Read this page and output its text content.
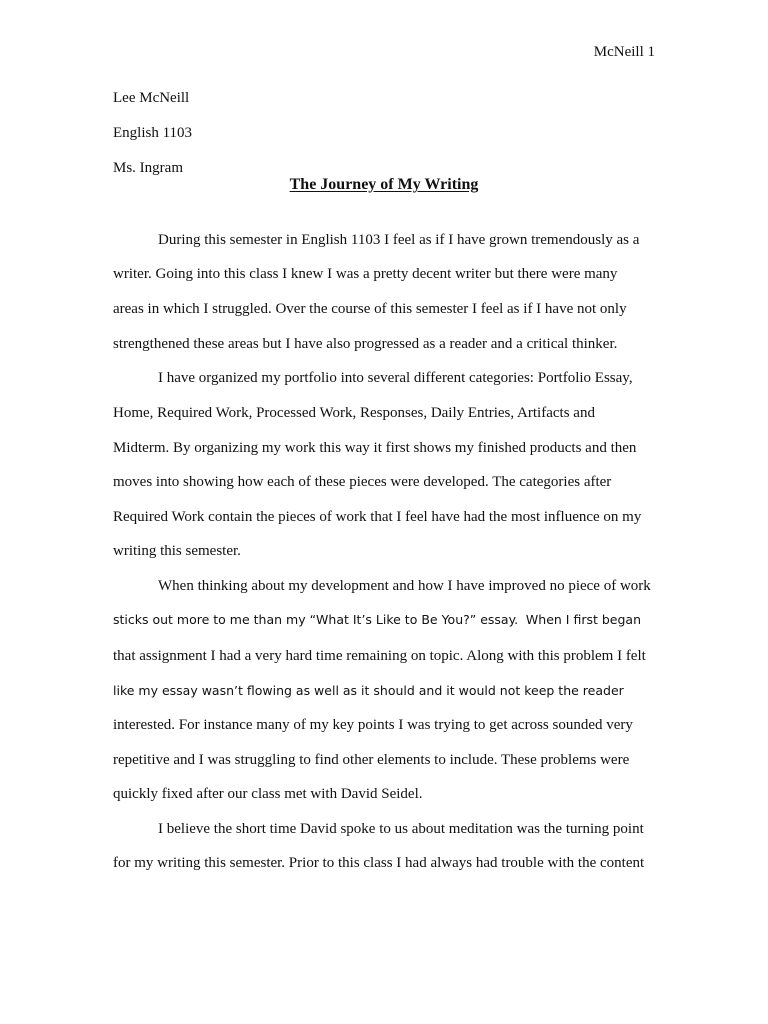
McNeill 1
Lee McNeill
English 1103
Ms. Ingram
The Journey of My Writing
During this semester in English 1103 I feel as if I have grown tremendously as a
writer. Going into this class I knew I was a pretty decent writer but there were many
areas in which I struggled. Over the course of this semester I feel as if I have not only
strengthened these areas but I have also progressed as a reader and a critical thinker.
I have organized my portfolio into several different categories: Portfolio Essay,
Home, Required Work, Processed Work, Responses, Daily Entries, Artifacts and
Midterm. By organizing my work this way it first shows my finished products and then
moves into showing how each of these pieces were developed. The categories after
Required Work contain the pieces of work that I feel have had the most influence on my
writing this semester.
When thinking about my development and how I have improved no piece of work
sticks out more to me than my “What It’s Like to Be You?” essay. When I first began
that assignment I had a very hard time remaining on topic. Along with this problem I felt
like my essay wasn’t flowing as well as it should and it would not keep the reader
interested. For instance many of my key points I was trying to get across sounded very
repetitive and I was struggling to find other elements to include. These problems were
quickly fixed after our class met with David Seidel.
I believe the short time David spoke to us about meditation was the turning point
for my writing this semester. Prior to this class I had always had trouble with the content
